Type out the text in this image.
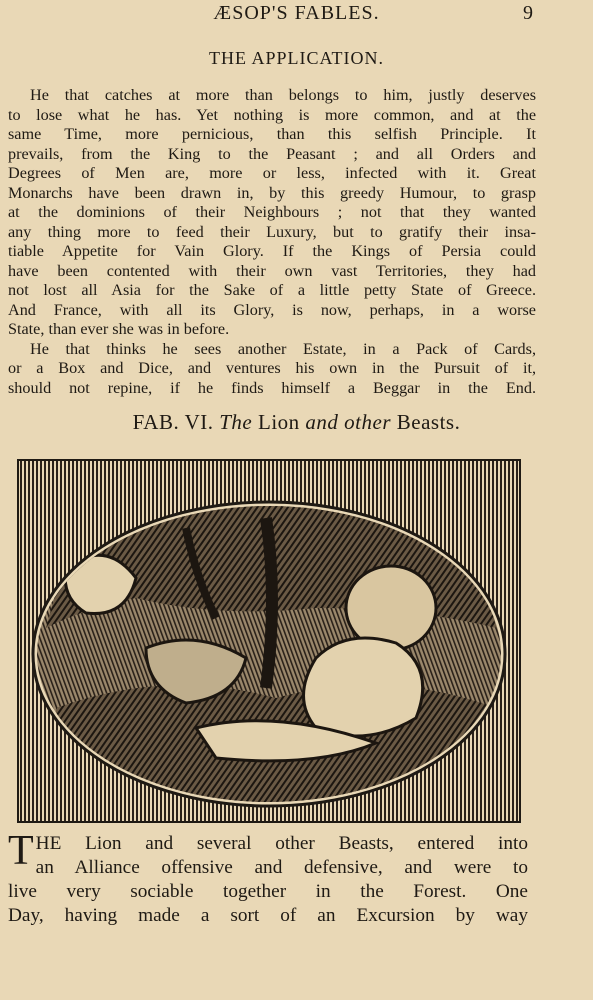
ÆSOP'S FABLES.	9
THE APPLICATION.
He that catches at more than belongs to him, justly deserves
to lose what he has. Yet nothing is more common, and at the
same Time, more pernicious, than this selfish Principle. It
prevails, from the King to the Peasant ; and all Orders and
Degrees of Men are, more or less, infected with it. Great
Monarchs have been drawn in, by this greedy Humour, to grasp
at the dominions of their Neighbours ; not that they wanted
any thing more to feed their Luxury, but to gratify their insa-
tiable Appetite for Vain Glory. If the Kings of Persia could
have been contented with their own vast Territories, they had
not lost all Asia for the Sake of a little petty State of Greece.
And France, with all its Glory, is now, perhaps, in a worse
State, than ever she was in before.
He that thinks he sees another Estate, in a Pack of Cards,
or a Box and Dice, and ventures his own in the Pursuit of it,
should not repine, if he finds himself a Beggar in the End.
FAB. VI. The Lion and other Beasts.
T HE Lion and several other Beasts, entered into
an Alliance offensive and defensive, and were to
live very sociable together in the Forest. One
Day, having made a sort of an Excursion by way
